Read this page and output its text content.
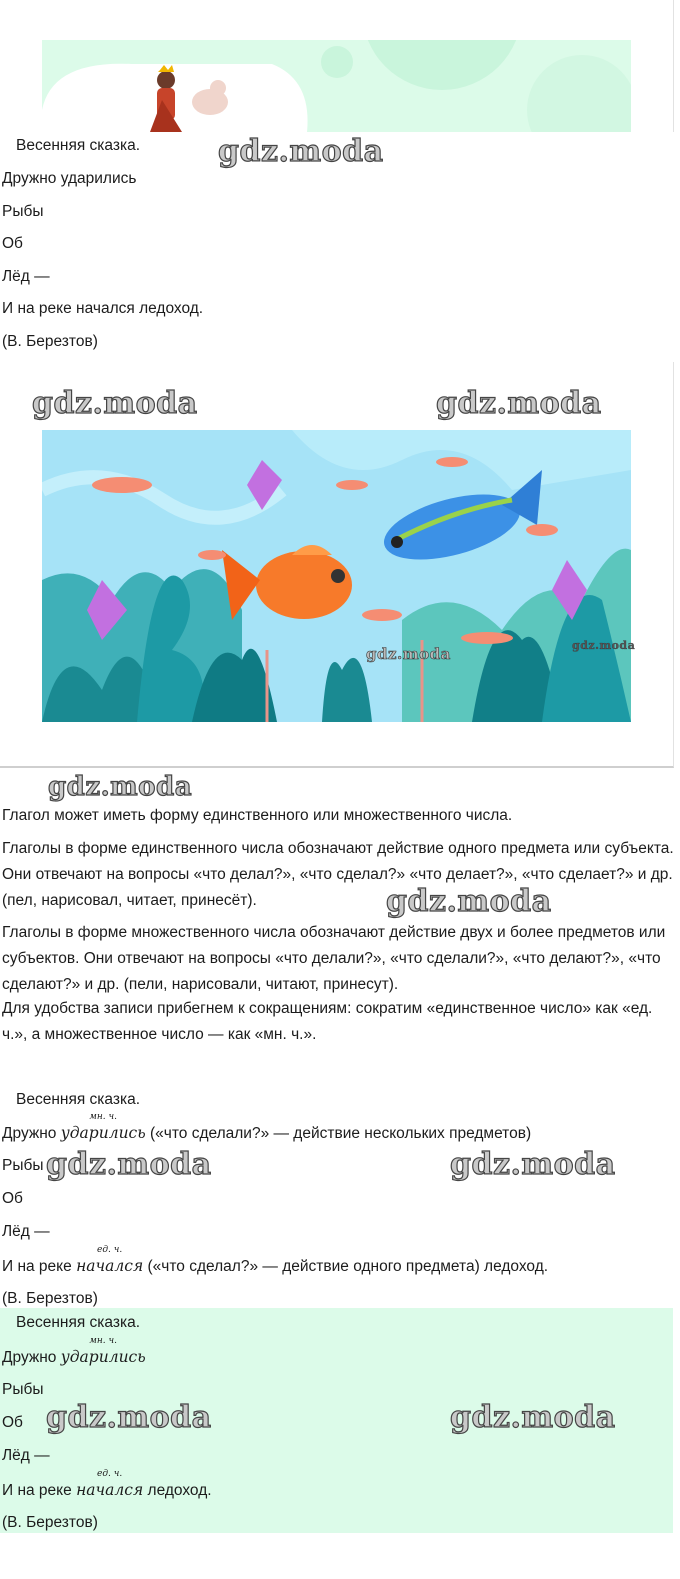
Весенняя сказка.	gdz.moda
Дружно ударились
Рыбы
Об
Лёд —
И на реке начался ледоход.
(В. Березтов)
gdz.moda	gdz.moda
gdz.moda	gdz.moda
gdz.moda
Глагол может иметь форму единственного или множественного числа.
Глаголы в форме единственного числа обозначают действие одного предмета или субъекта. Они отвечают на вопросы «что делал?», «что сделал?» «что делает?», «что сделает?» и др. (пел, нарисовал, читает, принесёт).	gdz.moda
Глаголы в форме множественного числа обозначают действие двух и более предметов или субъектов. Они отвечают на вопросы «что делали?», «что сделали?», «что делают?», «что сделают?» и др. (пели, нарисовали, читают, принесут).
Для удобства записи прибегнем к сокращениям: сократим «единственное число» как «ед. ч.», а множественное число — как «мн. ч.».
Весенняя сказка.
Дружно
мн. ч.
ударились («что сделали?» — действие нескольких предметов)
Рыбы gdz.moda	gdz.moda
Об
Лёд —
И на реке
ед. ч.
начался («что сделал?» — действие одного предмета) ледоход.
(В. Березтов)
Весенняя сказка.
Дружно
мн. ч.
ударились
Рыбы
Об gdz.moda	gdz.moda
Лёд —
И на реке
ед. ч.
начался ледоход.
(В. Березтов)
